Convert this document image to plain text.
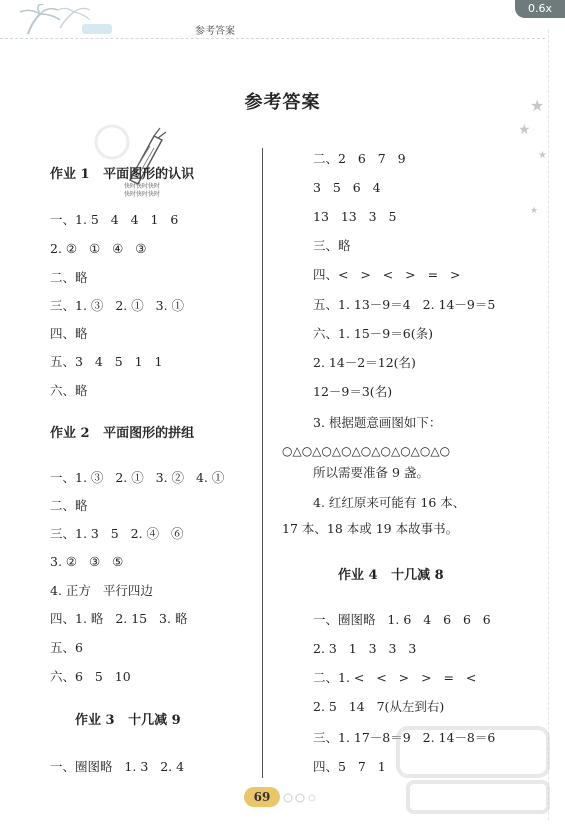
参考答案
0.6x
★
★
★
★
参考答案
作业 1   平面图形的认识
快时快时快时
快时快时快时
一、1. 5   4   4   1   6
2. ②   ①   ④   ③
二、略
三、1. ③   2. ①   3. ①
四、略
五、3   4   5   1   1
六、略
作业 2   平面图形的拼组
一、1. ③   2. ①   3. ②   4. ①
二、略
三、1. 3   5   2. ④   ⑥
3. ②   ③   ⑤
4. 正方   平行四边
四、1. 略   2. 15   3. 略
五、6
六、6   5   10
作业 3   十几减 9
一、圈图略   1. 3   2. 4
二、2   6   7   9
3   5   6   4
13   13   3   5
三、略
四、<   >   <   >   =   >
五、1. 13－9＝4   2. 14－9＝5
六、1. 15－9＝6(条)
2. 14－2＝12(名)
12－9＝3(名)
3. 根据题意画图如下：
○△○△○△○△○△○△○△○△○
所以需要准备 9 盏。
4. 红红原来可能有 16 本、
17 本、18 本或 19 本故事书。
作业 4   十几减 8
一、圈图略   1. 6   4   6   6   6
2. 3   1   3   3   3
二、1. <   <   >   >   =   <
2. 5   14   7(从左到右)
三、1. 17－8＝9   2. 14－8＝6
四、5   7   1
69
